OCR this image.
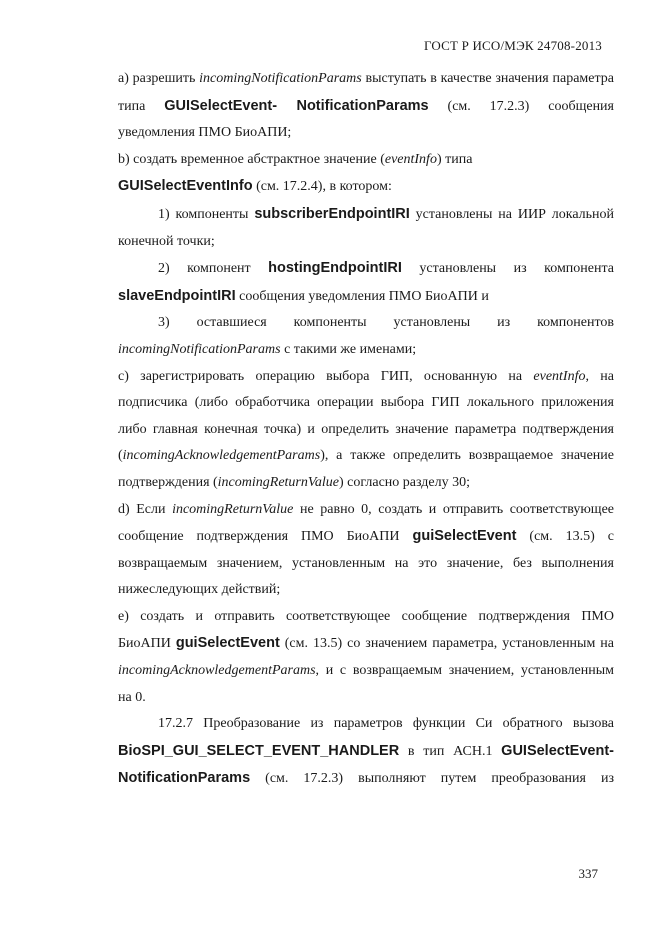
ГОСТ Р ИСО/МЭК 24708-2013

a) разрешить incomingNotificationParams выступать в качестве значения параметра типа GUISelectEvent- NotificationParams (см. 17.2.3) сообщения уведомления ПМО БиоАПИ;

b) создать временное абстрактное значение (eventInfo) типа
GUISelectEventInfo (см. 17.2.4), в котором:

1) компоненты subscriberEndpointIRI установлены на ИИР локальной конечной точки;

2) компонент hostingEndpointIRI установлены из компонента slaveEndpointIRI сообщения уведомления ПМО БиоАПИ и

3) оставшиеся компоненты установлены из компонентов incomingNotificationParams с такими же именами;

c) зарегистрировать операцию выбора ГИП, основанную на eventInfo, на подписчика (либо обработчика операции выбора ГИП локального приложения либо главная конечная точка) и определить значение параметра подтверждения (incomingAcknowledgementParams), а также определить возвращаемое значение подтверждения (incomingReturnValue) согласно разделу 30;

d) Если incomingReturnValue не равно 0, создать и отправить соответствующее сообщение подтверждения ПМО БиоАПИ guiSelectEvent (см. 13.5) с возвращаемым значением, установленным на это значение, без выполнения нижеследующих действий;

e) создать и отправить соответствующее сообщение подтверждения ПМО БиоАПИ guiSelectEvent (см. 13.5) со значением параметра, установленным на incomingAcknowledgementParams, и с возвращаемым значением, установленным на 0.

17.2.7 Преобразование из параметров функции Си обратного вызова BioSPI_GUI_SELECT_EVENT_HANDLER в тип АСН.1 GUISelectEvent- NotificationParams (см. 17.2.3) выполняют путем преобразования из

337
